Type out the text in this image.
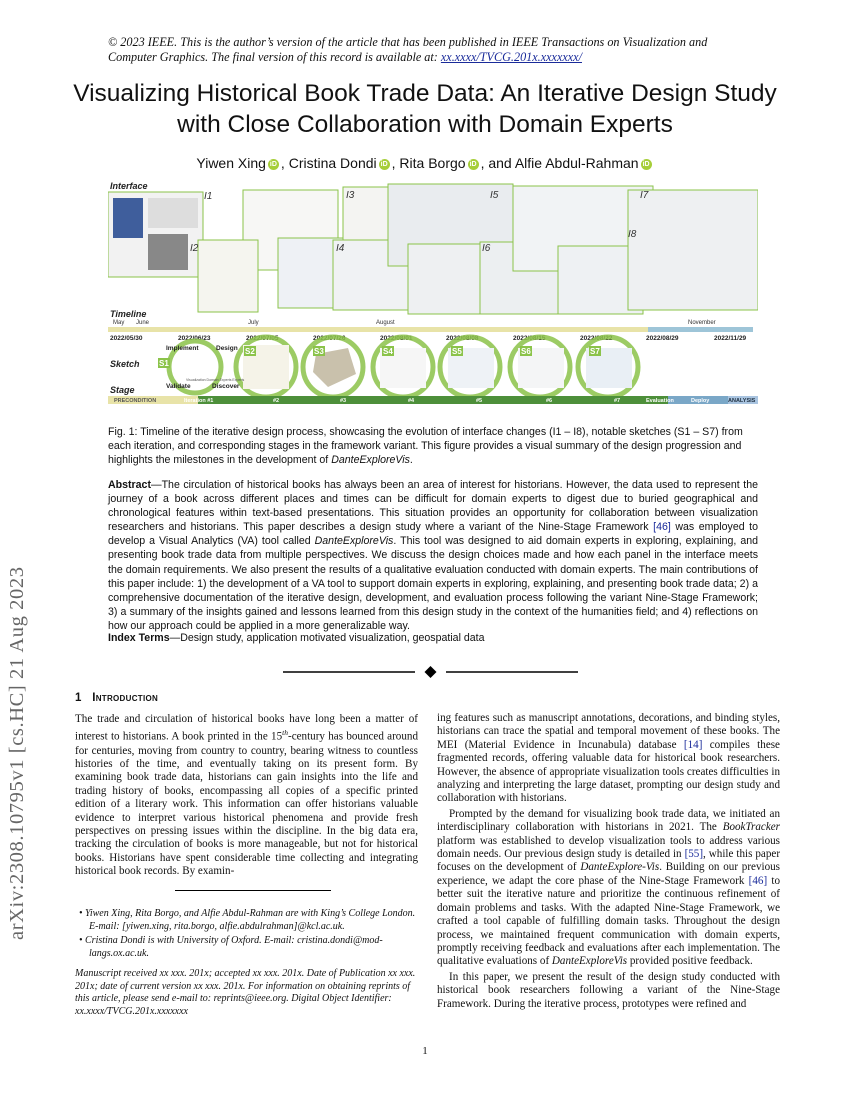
© 2023 IEEE. This is the author’s version of the article that has been published in IEEE Transactions on Visualization and Computer Graphics. The final version of this record is available at: xx.xxxx/TVCG.201x.xxxxxxx/
Visualizing Historical Book Trade Data: An Iterative Design Study with Close Collaboration with Domain Experts
Yiwen Xing iD , Cristina Dondi iD , Rita Borgo iD , and Alfie Abdul-Rahman iD
arXiv:2308.10795v1 [cs.HC] 21 Aug 2023
Interface
Timeline
Sketch
Stage
I1
I2
I3
I4
I5
I6
I7
I8
May June	July	August	November
2022/05/30	2022/06/23	2022/07/05	2022/07/26	2022/08/01	2022/08/08	2022/08/15	2022/08/22	2022/08/29	2022/11/29
S1
S2	S3	S4	S5	S6	S7
Implement	Design
Validate	Discover
Visualization Domain Experts Experts
PRECONDITION	Iteration #1	#2	#3	#4	#5	#6	#7	Evaluation	Deploy	ANALYSIS
Fig. 1: Timeline of the iterative design process, showcasing the evolution of interface changes (I1 – I8), notable sketches (S1 – S7) from each iteration, and corresponding stages in the framework variant. This figure provides a visual summary of the design progression and highlights the milestones in the development of DanteExploreVis.
Abstract—The circulation of historical books has always been an area of interest for historians. However, the data used to represent the journey of a book across different places and times can be difficult for domain experts to digest due to buried geographical and chronological features within text-based presentations. This situation provides an opportunity for collaboration between visualization researchers and historians. This paper describes a design study where a variant of the Nine-Stage Framework [46] was employed to develop a Visual Analytics (VA) tool called DanteExploreVis. This tool was designed to aid domain experts in exploring, explaining, and presenting book trade data from multiple perspectives. We discuss the design choices made and how each panel in the interface meets the domain requirements. We also present the results of a qualitative evaluation conducted with domain experts. The main contributions of this paper include: 1) the development of a VA tool to support domain experts in exploring, explaining, and presenting book trade data; 2) a comprehensive documentation of the iterative design, development, and evaluation process following the variant Nine-Stage Framework; 3) a summary of the insights gained and lessons learned from this design study in the context of the humanities field; and 4) reflections on how our approach could be applied in a more generalizable way.
Index Terms—Design study, application motivated visualization, geospatial data
1 Introduction

The trade and circulation of historical books have long been a matter of interest to historians. A book printed in the 15th-century has bounced around for centuries, moving from country to country, bearing witness to countless histories of the time, and eventually taking on its present form. By examining book trade data, historians can gain insights into the life and trading history of books, encompassing all copies of a specific printed edition of a literary work. This information can offer historians valuable evidence to interpret various historical phenomena and provide fresh perspectives on pressing issues within the discipline. In the big data era, tracking the circulation of books is more manageable, but not for historical books. Historians have spent considerable time collecting and integrating historical book records. By examin-

• Yiwen Xing, Rita Borgo, and Alfie Abdul-Rahman are with King’s College London. E-mail: [yiwen.xing, rita.borgo, alfie.abdulrahman]@kcl.ac.uk.
• Cristina Dondi is with University of Oxford. E-mail: cristina.dondi@mod-langs.ox.ac.uk.
Manuscript received xx xxx. 201x; accepted xx xxx. 201x. Date of Publication xx xxx. 201x; date of current version xx xxx. 201x. For information on obtaining reprints of this article, please send e-mail to: reprints@ieee.org. Digital Object Identifier: xx.xxxx/TVCG.201x.xxxxxxx

ing features such as manuscript annotations, decorations, and binding styles, historians can trace the spatial and temporal movement of these books. The MEI (Material Evidence in Incunabula) database [14] compiles these fragmented records, offering valuable data for historical book researchers. However, the absence of appropriate visualization tools creates difficulties in analyzing and interpreting the large dataset, prompting our design study and collaboration with historians.

Prompted by the demand for visualizing book trade data, we initiated an interdisciplinary collaboration with historians in 2021. The BookTracker platform was established to develop visualization tools to address various domain needs. Our previous design study is detailed in [55], while this paper focuses on the development of DanteExplore-Vis. Building on our previous experience, we adapt the core phase of the Nine-Stage Framework [46] to better suit the iterative nature and prioritize the continuous refinement of domain problems and tasks. With the adapted Nine-Stage Framework, we crafted a tool capable of fulfilling domain tasks. Throughout the design process, we maintained frequent communication with domain experts, promptly receiving feedback and evaluations after each implementation. The qualitative evaluations of DanteExploreVis provided positive feedback.

In this paper, we present the result of the design study conducted with historical book researchers following a variant of the Nine-Stage Framework. During the iterative process, prototypes were refined and

1
